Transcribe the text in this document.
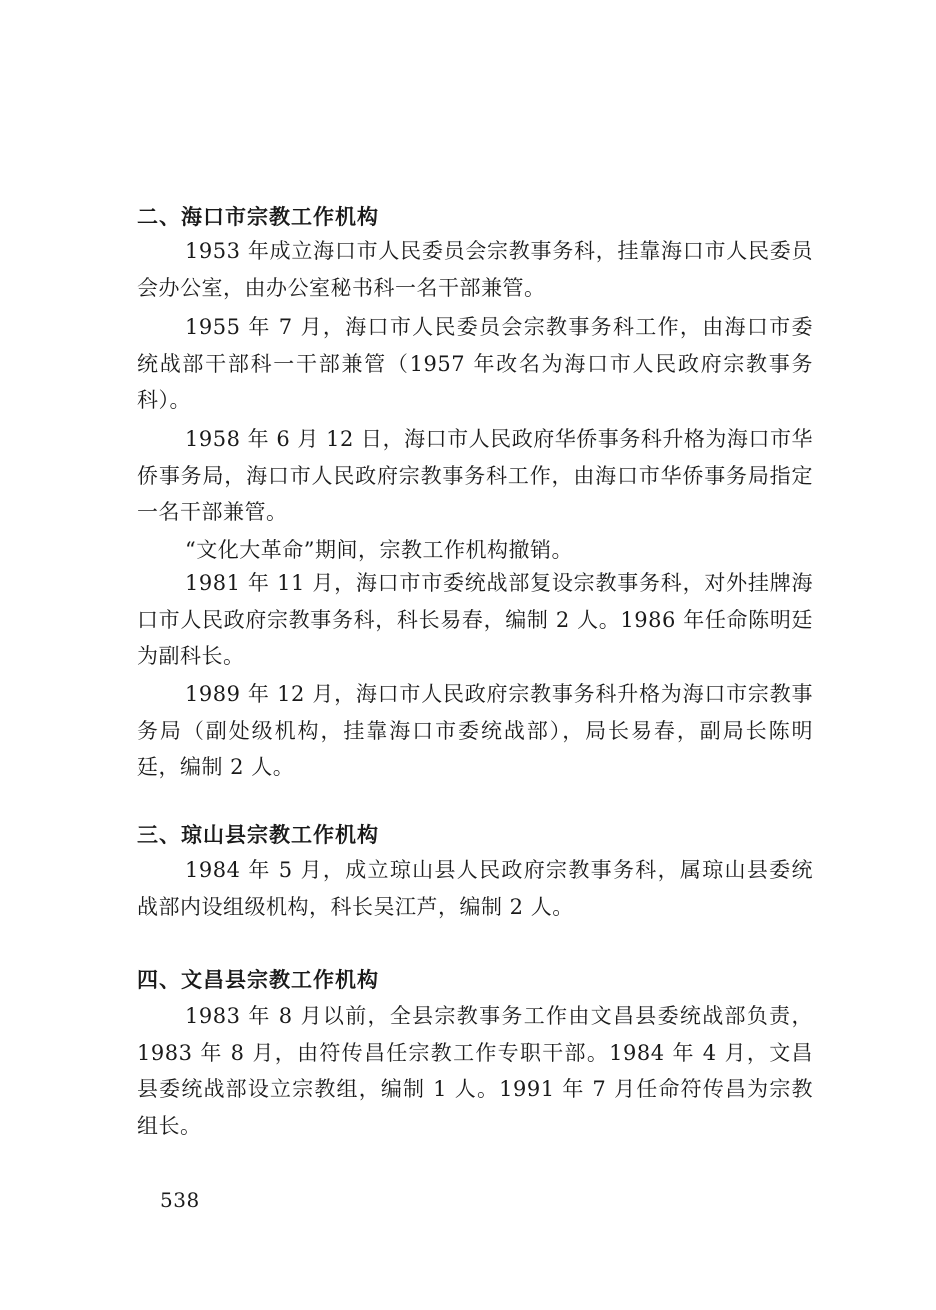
二、海口市宗教工作机构

1953 年成立海口市人民委员会宗教事务科，挂靠海口市人民委员会办公室，由办公室秘书科一名干部兼管。

1955 年 7 月，海口市人民委员会宗教事务科工作，由海口市委统战部干部科一干部兼管（1957 年改名为海口市人民政府宗教事务科）。

1958 年 6 月 12 日，海口市人民政府华侨事务科升格为海口市华侨事务局，海口市人民政府宗教事务科工作，由海口市华侨事务局指定一名干部兼管。

“文化大革命”期间，宗教工作机构撤销。

1981 年 11 月，海口市市委统战部复设宗教事务科，对外挂牌海口市人民政府宗教事务科，科长易春，编制 2 人。1986 年任命陈明廷为副科长。

1989 年 12 月，海口市人民政府宗教事务科升格为海口市宗教事务局（副处级机构，挂靠海口市委统战部），局长易春，副局长陈明廷，编制 2 人。

三、琼山县宗教工作机构

1984 年 5 月，成立琼山县人民政府宗教事务科，属琼山县委统战部内设组级机构，科长吴江芦，编制 2 人。

四、文昌县宗教工作机构

1983 年 8 月以前，全县宗教事务工作由文昌县委统战部负责，1983 年 8 月，由符传昌任宗教工作专职干部。1984 年 4 月，文昌县委统战部设立宗教组，编制 1 人。1991 年 7 月任命符传昌为宗教组长。

538
